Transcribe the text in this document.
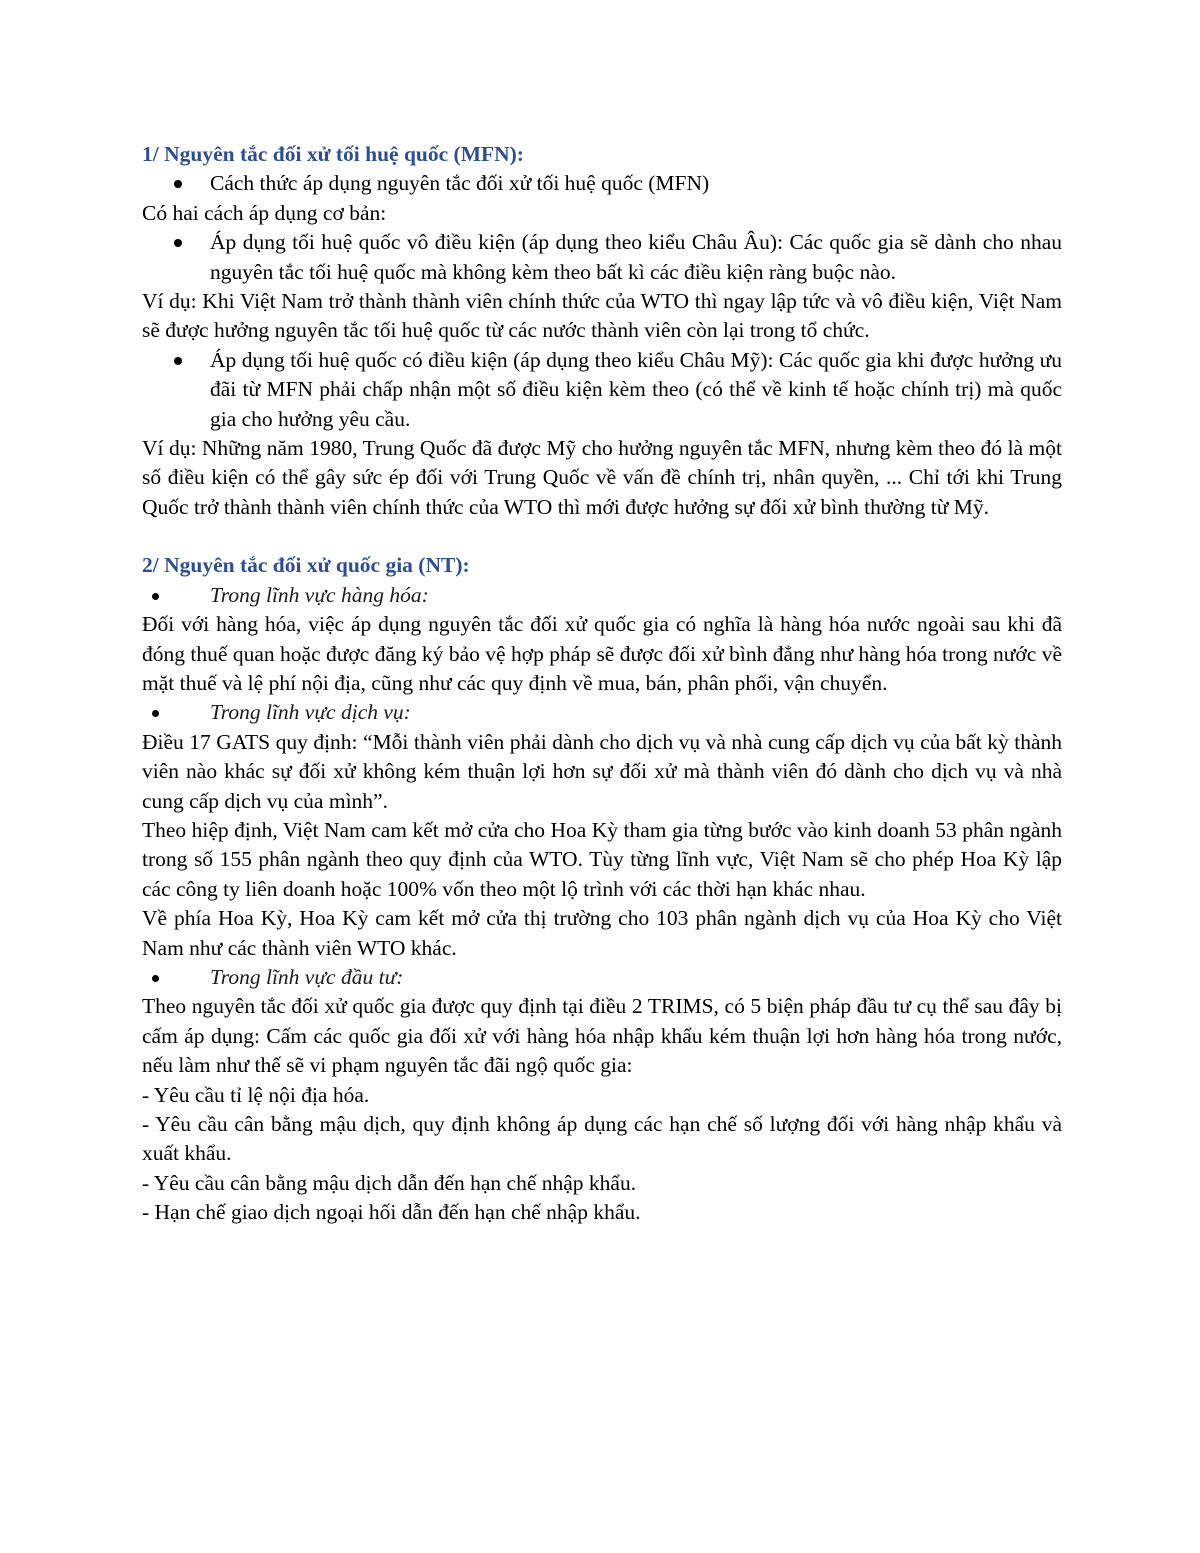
1/ Nguyên tắc đối xử tối huệ quốc (MFN):

Cách thức áp dụng nguyên tắc đối xử tối huệ quốc (MFN)

Có hai cách áp dụng cơ bản:

Áp dụng tối huệ quốc vô điều kiện (áp dụng theo kiểu Châu Âu): Các quốc gia sẽ dành cho nhau nguyên tắc tối huệ quốc mà không kèm theo bất kì các điều kiện ràng buộc nào.

Ví dụ: Khi Việt Nam trở thành thành viên chính thức của WTO thì ngay lập tức và vô điều kiện, Việt Nam sẽ được hưởng nguyên tắc tối huệ quốc từ các nước thành viên còn lại trong tổ chức.

Áp dụng tối huệ quốc có điều kiện (áp dụng theo kiểu Châu Mỹ): Các quốc gia khi được hưởng ưu đãi từ MFN phải chấp nhận một số điều kiện kèm theo (có thể về kinh tế hoặc chính trị) mà quốc gia cho hưởng yêu cầu.

Ví dụ: Những năm 1980, Trung Quốc đã được Mỹ cho hưởng nguyên tắc MFN, nhưng kèm theo đó là một số điều kiện có thể gây sức ép đối với Trung Quốc về vấn đề chính trị, nhân quyền, ... Chỉ tới khi Trung Quốc trở thành thành viên chính thức của WTO thì mới được hưởng sự đối xử bình thường từ Mỹ.

2/ Nguyên tắc đối xử quốc gia (NT):

Trong lĩnh vực hàng hóa:

Đối với hàng hóa, việc áp dụng nguyên tắc đối xử quốc gia có nghĩa là hàng hóa nước ngoài sau khi đã đóng thuế quan hoặc được đăng ký bảo vệ hợp pháp sẽ được đối xử bình đẳng như hàng hóa trong nước về mặt thuế và lệ phí nội địa, cũng như các quy định về mua, bán, phân phối, vận chuyển.

Trong lĩnh vực dịch vụ:

Điều 17 GATS quy định: “Mỗi thành viên phải dành cho dịch vụ và nhà cung cấp dịch vụ của bất kỳ thành viên nào khác sự đối xử không kém thuận lợi hơn sự đối xử mà thành viên đó dành cho dịch vụ và nhà cung cấp dịch vụ của mình”.

Theo hiệp định, Việt Nam cam kết mở cửa cho Hoa Kỳ tham gia từng bước vào kinh doanh 53 phân ngành trong số 155 phân ngành theo quy định của WTO. Tùy từng lĩnh vực, Việt Nam sẽ cho phép Hoa Kỳ lập các công ty liên doanh hoặc 100% vốn theo một lộ trình với các thời hạn khác nhau.

Về phía Hoa Kỳ, Hoa Kỳ cam kết mở cửa thị trường cho 103 phân ngành dịch vụ của Hoa Kỳ cho Việt Nam như các thành viên WTO khác.

Trong lĩnh vực đầu tư:

Theo nguyên tắc đối xử quốc gia được quy định tại điều 2 TRIMS, có 5 biện pháp đầu tư cụ thể sau đây bị cấm áp dụng: Cấm các quốc gia đối xử với hàng hóa nhập khẩu kém thuận lợi hơn hàng hóa trong nước, nếu làm như thế sẽ vi phạm nguyên tắc đãi ngộ quốc gia:

- Yêu cầu tỉ lệ nội địa hóa.

- Yêu cầu cân bằng mậu dịch, quy định không áp dụng các hạn chế số lượng đối với hàng nhập khẩu và xuất khẩu.

- Yêu cầu cân bằng mậu dịch dẫn đến hạn chế nhập khẩu.

- Hạn chế giao dịch ngoại hối dẫn đến hạn chế nhập khẩu.
